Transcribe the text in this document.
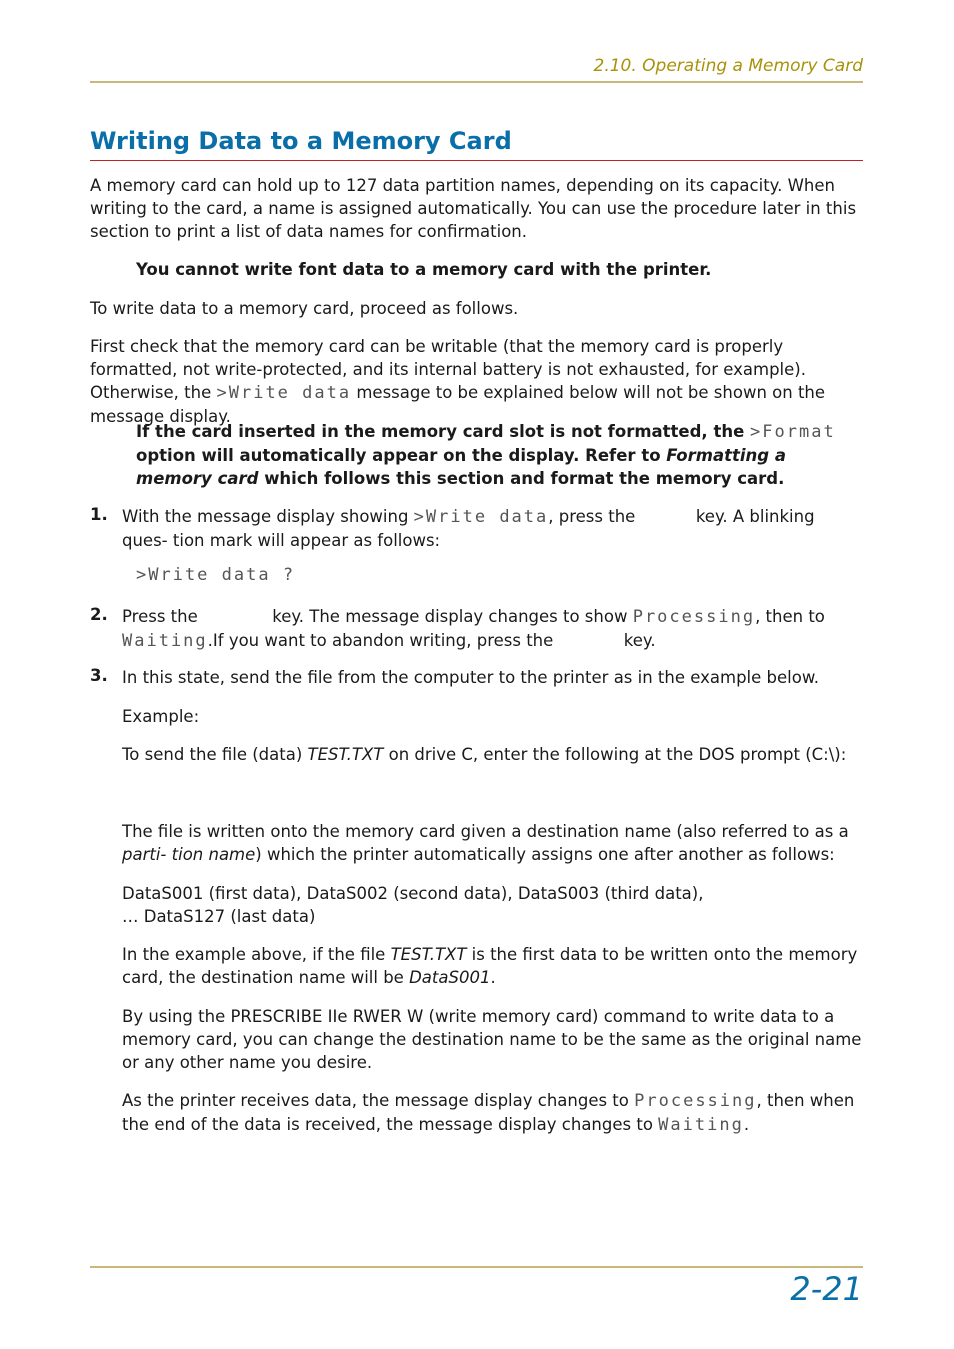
2.10. Operating a Memory Card
Writing Data to a Memory Card
A memory card can hold up to 127 data partition names, depending on its capacity. When writing to the card, a name is assigned automatically. You can use the procedure later in this section to print a list of data names for confirmation.
You cannot write font data to a memory card with the printer.
To write data to a memory card, proceed as follows.
First check that the memory card can be writable (that the memory card is properly formatted, not write-protected, and its internal battery is not exhausted, for example). Otherwise, the >Write data message to be explained below will not be shown on the message display.
If the card inserted in the memory card slot is not formatted, the >Format option will automatically appear on the display. Refer to Formatting a memory card which follows this section and format the memory card.
1. With the message display showing >Write data, press the	key. A blinking ques- tion mark will appear as follows:
>Write data ?
2. Press the	key. The message display changes to show Processing, then to
Waiting.If you want to abandon writing, press the	key.
3. In this state, send the file from the computer to the printer as in the example below.
Example:
To send the file (data) TEST.TXT on drive C, enter the following at the DOS prompt (C:\):
The file is written onto the memory card given a destination name (also referred to as a parti- tion name) which the printer automatically assigns one after another as follows:
DataS001 (first data), DataS002 (second data), DataS003 (third data),
… DataS127 (last data)
In the example above, if the file TEST.TXT is the first data to be written onto the memory card, the destination name will be DataS001.
By using the PRESCRIBE IIe RWER W (write memory card) command to write data to a memory card, you can change the destination name to be the same as the original name or any other name you desire.
As the printer receives data, the message display changes to Processing, then when the end of the data is received, the message display changes to Waiting.
2-21
